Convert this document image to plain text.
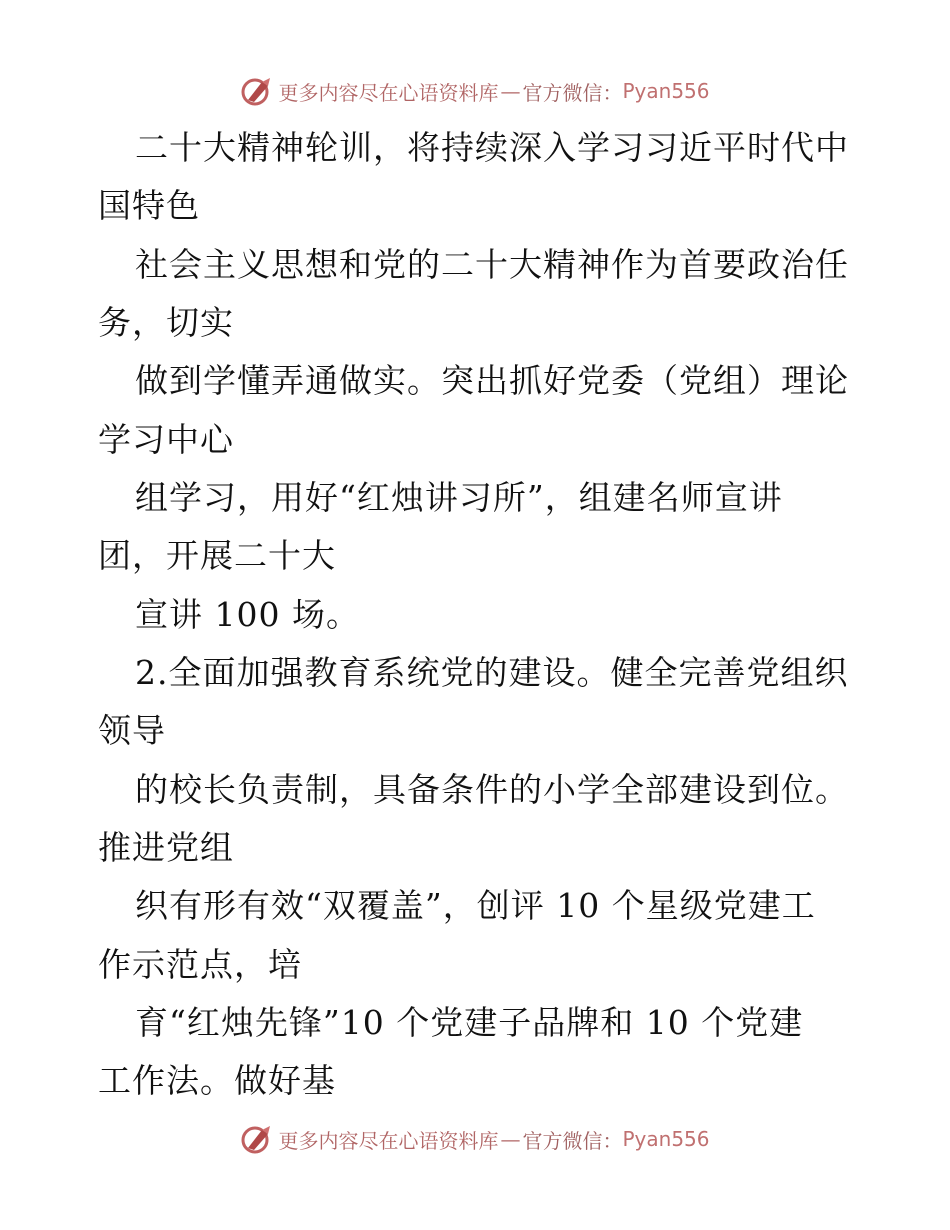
更多内容尽在心语资料库 — 官方微信： Pyan556
二十大精神轮训，将持续深入学习习近平时代中
国特色
社会主义思想和党的二十大精神作为首要政治任
务，切实
做到学懂弄通做实。突出抓好党委（党组）理论
学习中心
组学习，用好“红烛讲习所”，组建名师宣讲
团，开展二十大
宣讲 100 场。
2.全面加强教育系统党的建设。健全完善党组织
领导
的校长负责制，具备条件的小学全部建设到位。
推进党组
织有形有效“双覆盖”，创评 10 个星级党建工
作示范点，培
育“红烛先锋”10 个党建子品牌和 10 个党建
工作法。做好基
更多内容尽在心语资料库 — 官方微信： Pyan556
